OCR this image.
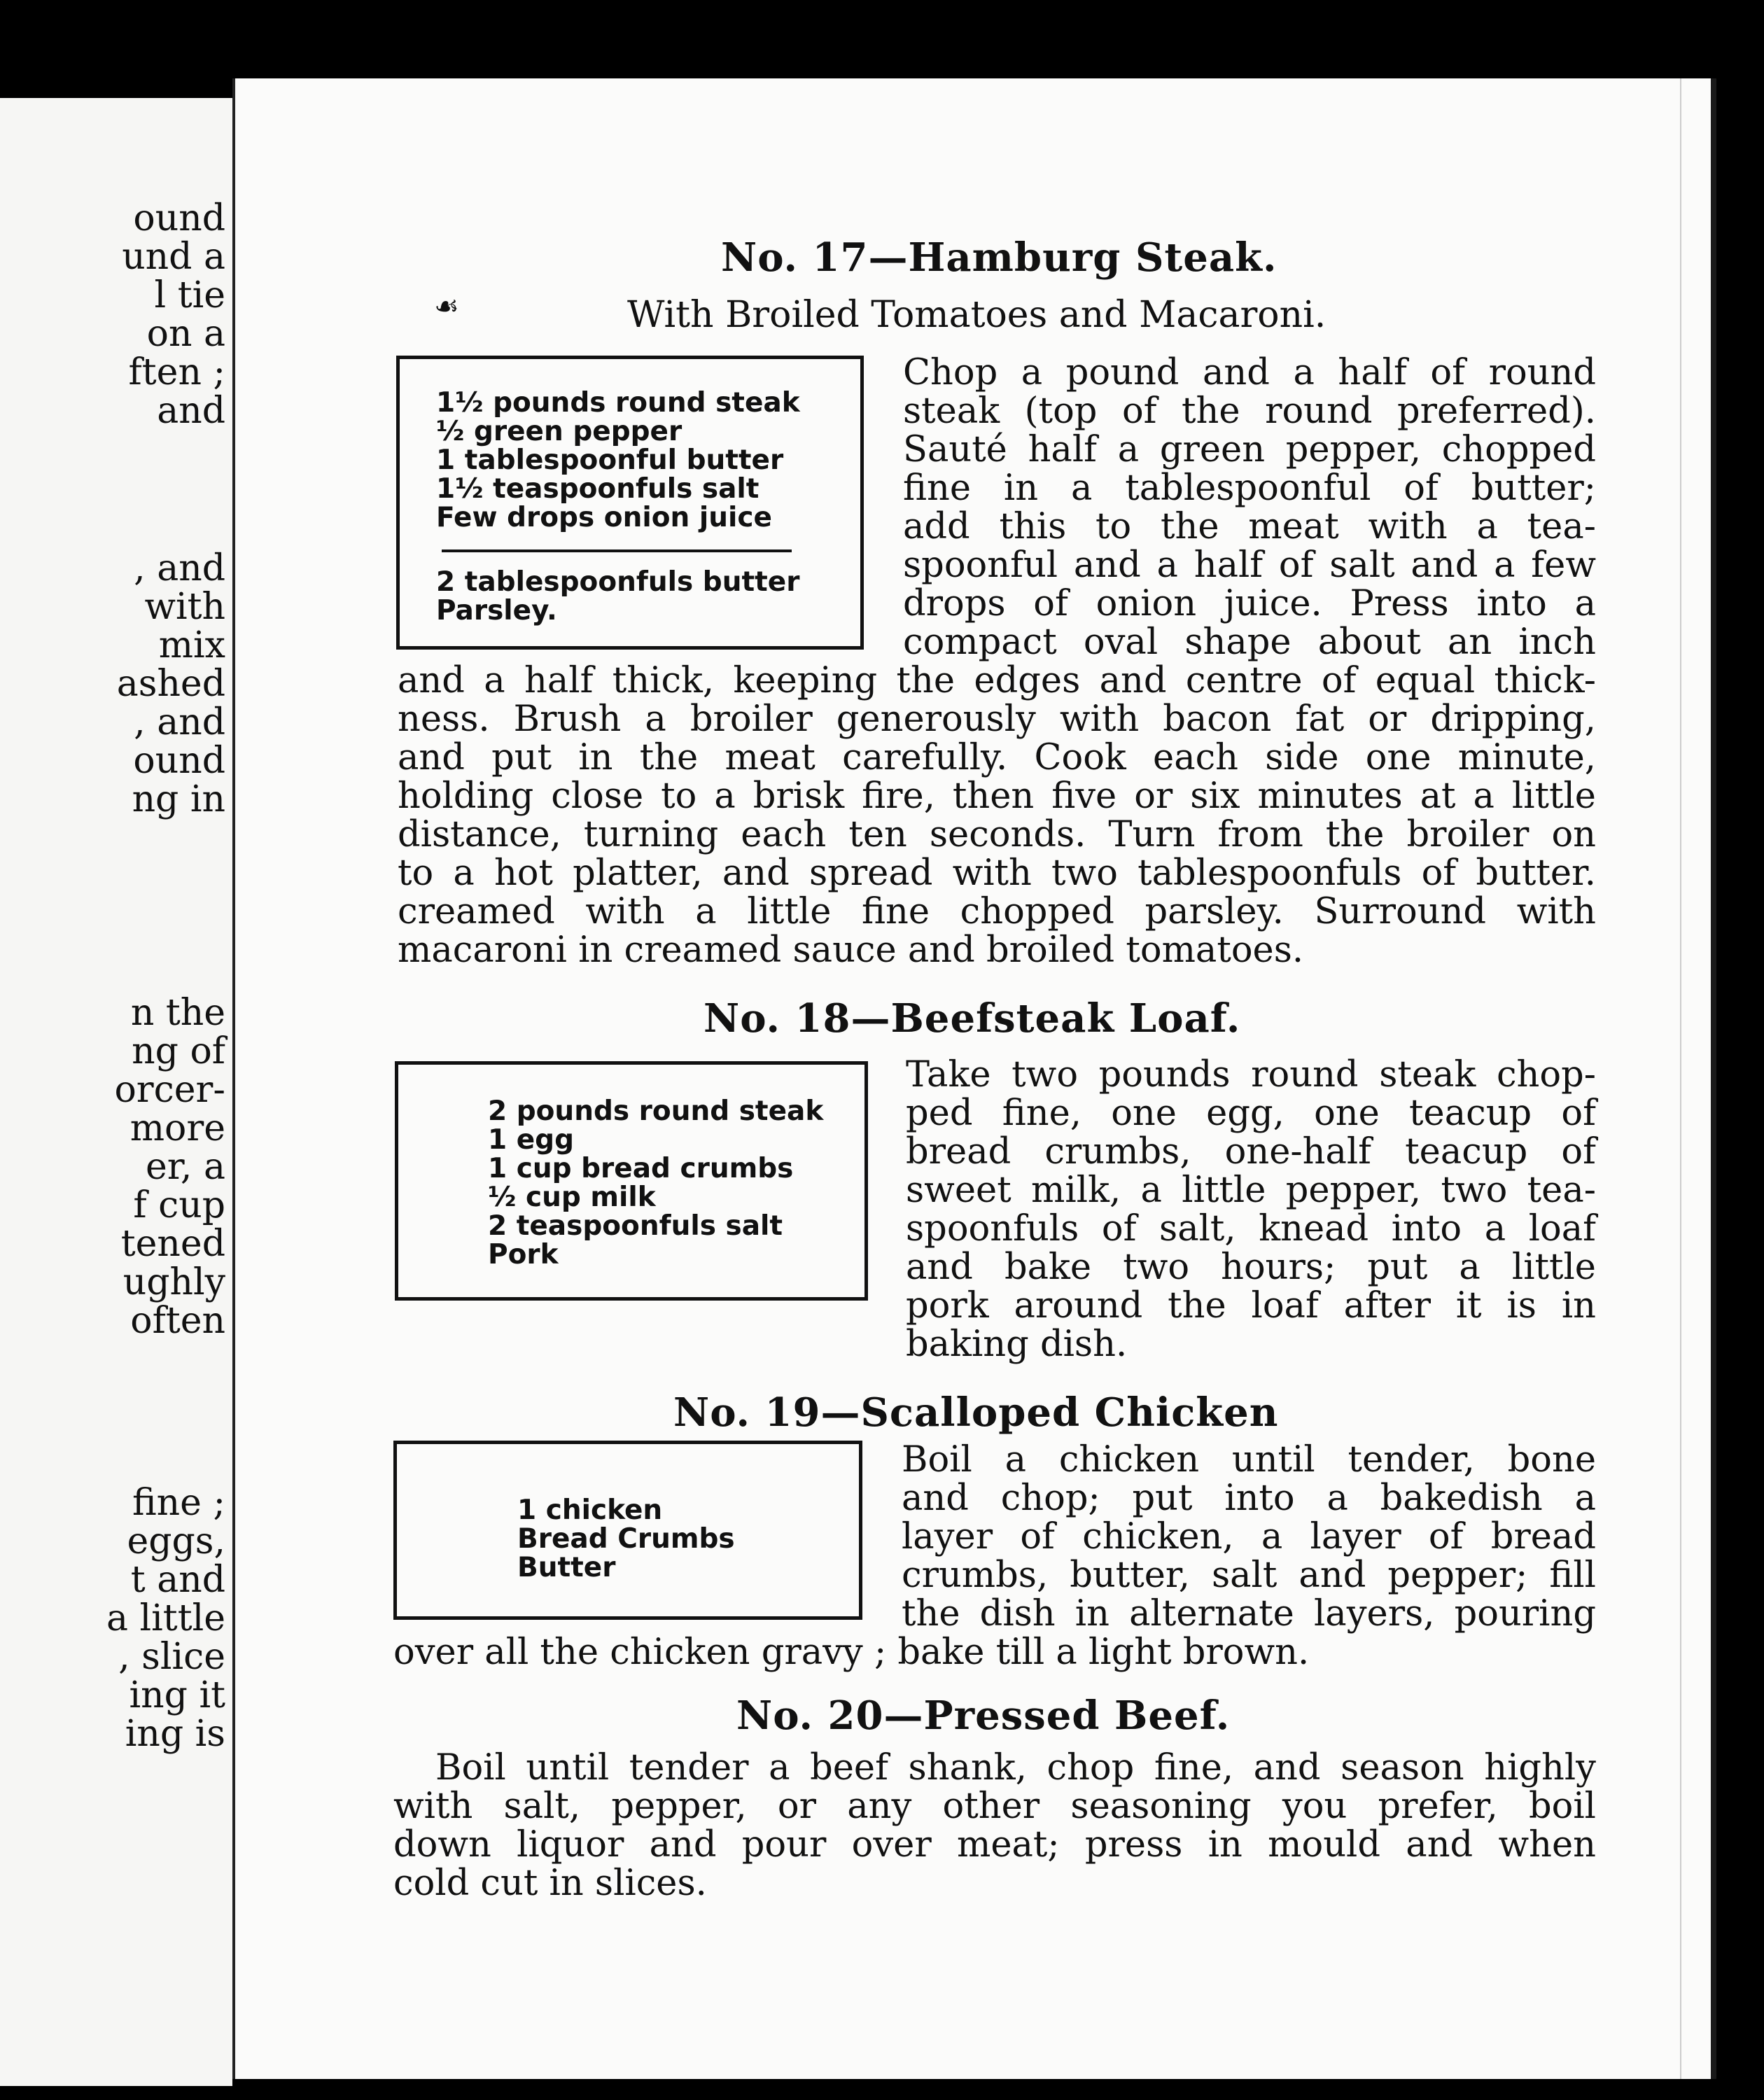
ound
und a
l tie
on a
ften ;
and
, and
with
mix
ashed
, and
ound
ng in
n the
ng of
orcer-
more
er, a
f cup
tened
ughly
often
fine ;
eggs,
t and
a little
, slice
ing it
ing is
No. 17—Hamburg Steak.
☙	With Broiled Tomatoes and Macaroni.
1½ pounds round steak
½ green pepper
1 tablespoonful butter
1½ teaspoonfuls salt
Few drops onion juice
2 tablespoonfuls butter
Parsley.
Chop a pound and a half of round
steak (top of the round preferred).
Sauté half a green pepper, chopped
fine in a tablespoonful of butter;
add this to the meat with a tea-
spoonful and a half of salt and a few
drops of onion juice. Press into a
compact oval shape about an inch
and a half thick, keeping the edges and centre of equal thick-
ness. Brush a broiler generously with bacon fat or dripping,
and put in the meat carefully. Cook each side one minute,
holding close to a brisk fire, then five or six minutes at a little
distance, turning each ten seconds. Turn from the broiler on
to a hot platter, and spread with two tablespoonfuls of butter.
creamed with a little fine chopped parsley. Surround with
macaroni in creamed sauce and broiled tomatoes.
No. 18—Beefsteak Loaf.
2 pounds round steak
1 egg
1 cup bread crumbs
½ cup milk
2 teaspoonfuls salt
Pork
Take two pounds round steak chop-
ped fine, one egg, one teacup of
bread crumbs, one-half teacup of
sweet milk, a little pepper, two tea-
spoonfuls of salt, knead into a loaf
and bake two hours; put a little
pork around the loaf after it is in
baking dish.
No. 19—Scalloped Chicken
1 chicken
Bread Crumbs
Butter
Boil a chicken until tender, bone
and chop; put into a bakedish a
layer of chicken, a layer of bread
crumbs, butter, salt and pepper; fill
the dish in alternate layers, pouring
over all the chicken gravy ; bake till a light brown.
No. 20—Pressed Beef.
Boil until tender a beef shank, chop fine, and season highly
with salt, pepper, or any other seasoning you prefer, boil
down liquor and pour over meat; press in mould and when
cold cut in slices.
